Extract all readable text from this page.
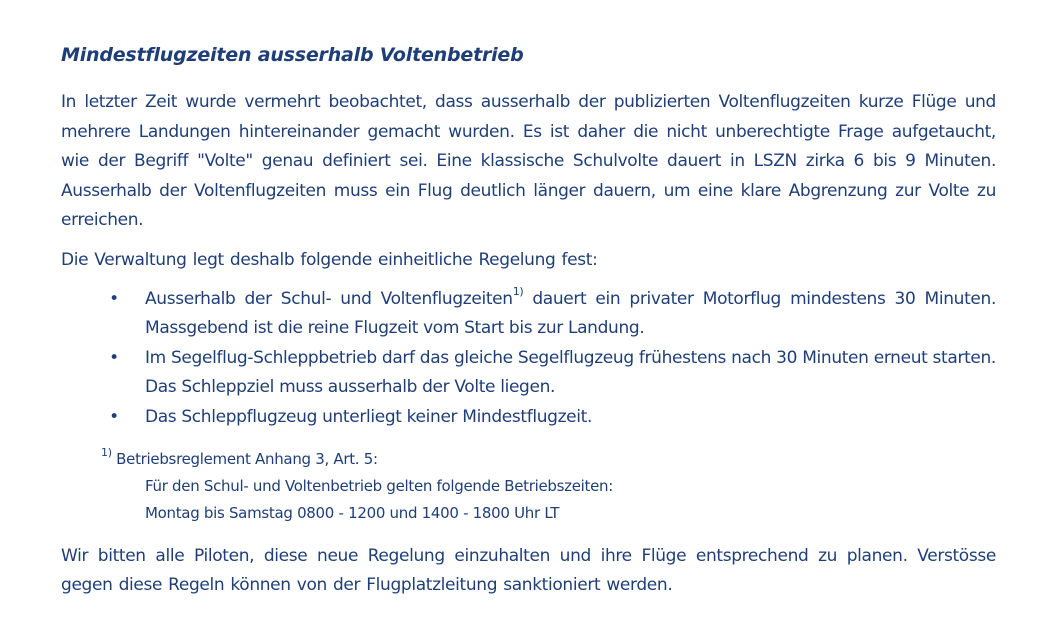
Mindestflugzeiten ausserhalb Voltenbetrieb

In letzter Zeit wurde vermehrt beobachtet, dass ausserhalb der publizierten Voltenflugzeiten kurze Flüge und mehrere Landungen hintereinander gemacht wurden. Es ist daher die nicht unberechtigte Frage aufgetaucht, wie der Begriff "Volte" genau definiert sei. Eine klassische Schulvolte dauert in LSZN zirka 6 bis 9 Minuten. Ausserhalb der Voltenflugzeiten muss ein Flug deutlich länger dauern, um eine klare Abgrenzung zur Volte zu erreichen.

Die Verwaltung legt deshalb folgende einheitliche Regelung fest:

• Ausserhalb der Schul- und Voltenflugzeiten$^{1)}$ dauert ein privater Motorflug mindestens 30 Minuten. Massgebend ist die reine Flugzeit vom Start bis zur Landung.
• Im Segelflug-Schleppbetrieb darf das gleiche Segelflugzeug frühestens nach 30 Minuten erneut starten. Das Schleppziel muss ausserhalb der Volte liegen.
• Das Schleppflugzeug unterliegt keiner Mindestflugzeit.
$^{1)}$ Betriebsreglement Anhang 3, Art. 5:
Für den Schul- und Voltenbetrieb gelten folgende Betriebszeiten:
Montag bis Samstag 0800 - 1200 und 1400 - 1800 Uhr LT

Wir bitten alle Piloten, diese neue Regelung einzuhalten und ihre Flüge entsprechend zu planen. Verstösse gegen diese Regeln können von der Flugplatzleitung sanktioniert werden.
